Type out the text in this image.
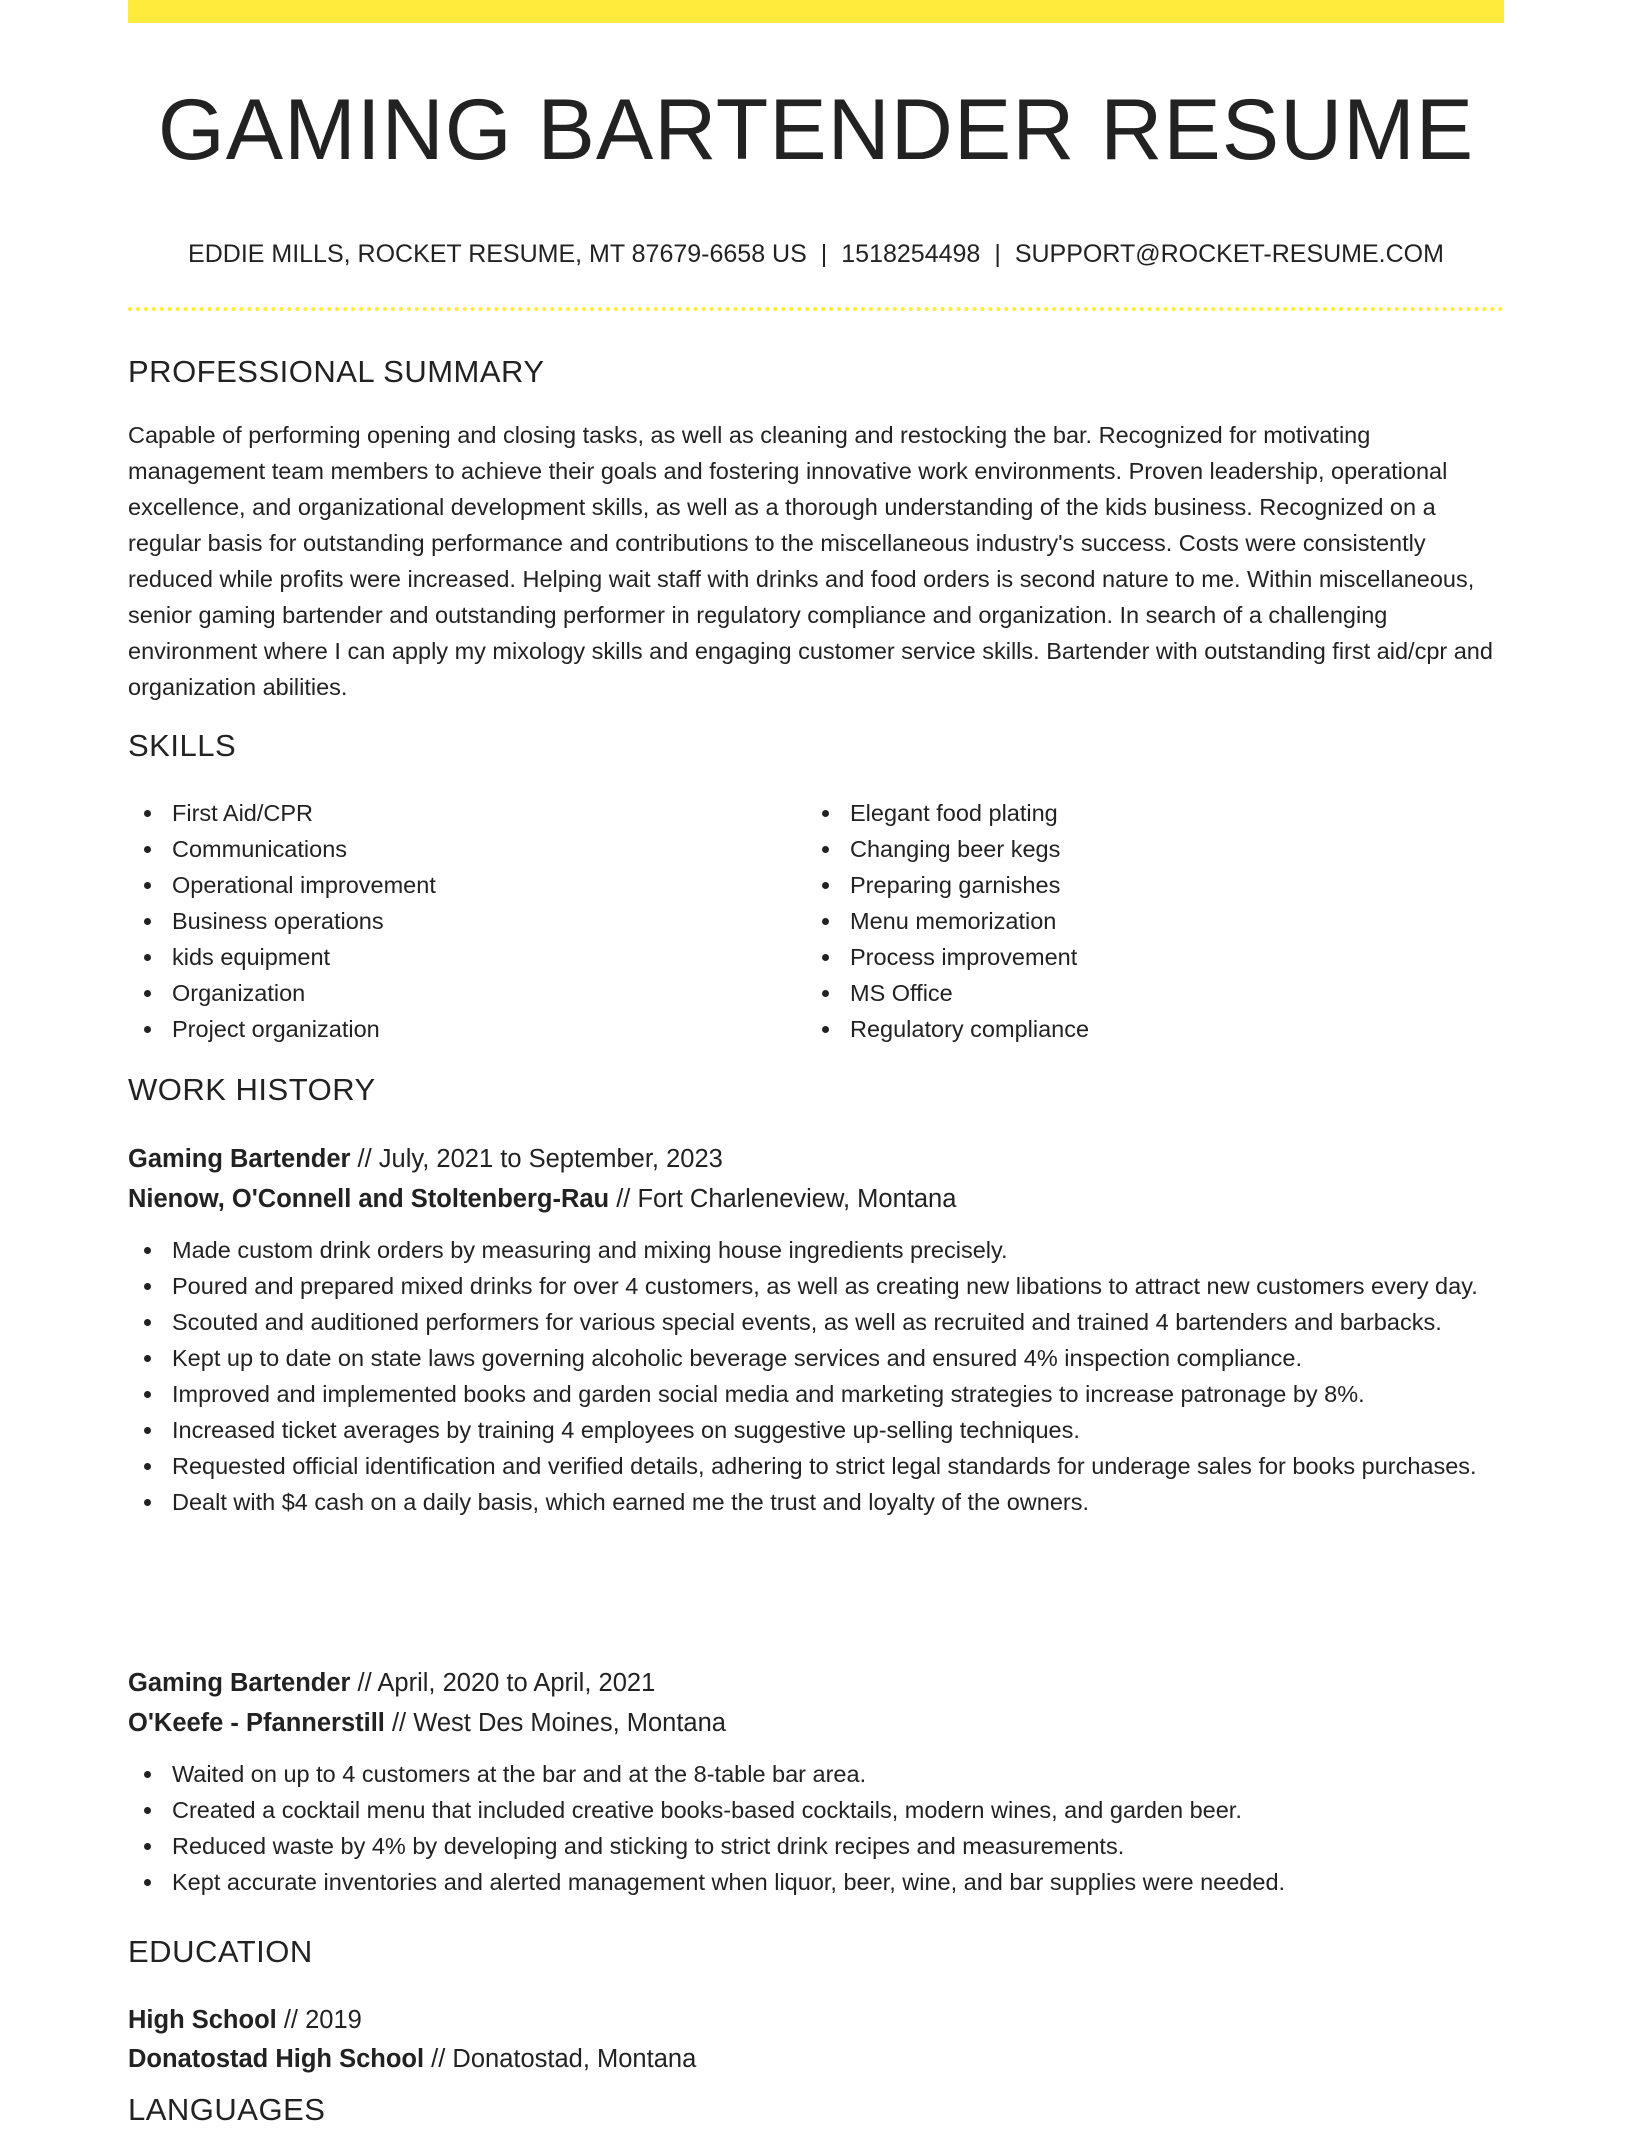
GAMING BARTENDER RESUME
EDDIE MILLS, ROCKET RESUME, MT 87679-6658 US | 1518254498 | SUPPORT@ROCKET-RESUME.COM
PROFESSIONAL SUMMARY

Capable of performing opening and closing tasks, as well as cleaning and restocking the bar. Recognized for motivating management team members to achieve their goals and fostering innovative work environments. Proven leadership, operational excellence, and organizational development skills, as well as a thorough understanding of the kids business. Recognized on a regular basis for outstanding performance and contributions to the miscellaneous industry's success. Costs were consistently reduced while profits were increased. Helping wait staff with drinks and food orders is second nature to me. Within miscellaneous, senior gaming bartender and outstanding performer in regulatory compliance and organization. In search of a challenging environment where I can apply my mixology skills and engaging customer service skills. Bartender with outstanding first aid/cpr and organization abilities.

SKILLS
First Aid/CPR
Communications
Operational improvement
Business operations
kids equipment
Organization
Project organization
Elegant food plating
Changing beer kegs
Preparing garnishes
Menu memorization
Process improvement
MS Office
Regulatory compliance
WORK HISTORY
Gaming Bartender // July, 2021 to September, 2023
Nienow, O'Connell and Stoltenberg-Rau // Fort Charleneview, Montana
Made custom drink orders by measuring and mixing house ingredients precisely.
Poured and prepared mixed drinks for over 4 customers, as well as creating new libations to attract new customers every day.
Scouted and auditioned performers for various special events, as well as recruited and trained 4 bartenders and barbacks.
Kept up to date on state laws governing alcoholic beverage services and ensured 4% inspection compliance.
Improved and implemented books and garden social media and marketing strategies to increase patronage by 8%.
Increased ticket averages by training 4 employees on suggestive up-selling techniques.
Requested official identification and verified details, adhering to strict legal standards for underage sales for books purchases.
Dealt with $4 cash on a daily basis, which earned me the trust and loyalty of the owners.
Gaming Bartender // April, 2020 to April, 2021
O'Keefe - Pfannerstill // West Des Moines, Montana
Waited on up to 4 customers at the bar and at the 8-table bar area.
Created a cocktail menu that included creative books-based cocktails, modern wines, and garden beer.
Reduced waste by 4% by developing and sticking to strict drink recipes and measurements.
Kept accurate inventories and alerted management when liquor, beer, wine, and bar supplies were needed.
EDUCATION
High School // 2019
Donatostad High School // Donatostad, Montana
LANGUAGES
